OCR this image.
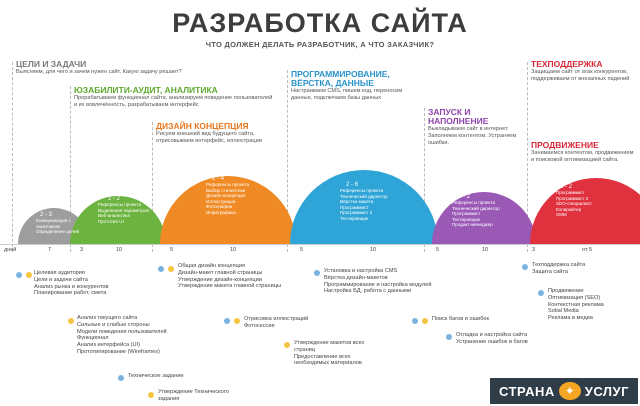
РАЗРАБОТКА САЙТА
ЧТО ДОЛЖЕН ДЕЛАТЬ РАЗРАБОТЧИК, А ЧТО ЗАКАЗЧИК?
ЦЕЛИ И ЗАДАЧИ
Выясняем, для чего и зачем нужен сайт. Какую задачу решает?
ЮЗАБИЛИТИ-АУДИТ, АНАЛИТИКА
Прорабатываем функционал сайта, анализируем поведение пользователей и их вовлечённость, разрабатываем интерфейс
ДИЗАЙН КОНЦЕПЦИЯ
Рисуем внешний вид будущего сайта, отрисовываем интерфейс, иллюстрации
ПРОГРАММИРОВАНИЕ, ВЁРСТКА, ДАННЫЕ
Настраиваем CMS, пишем код, переносим данные, подключаем базы данных
ЗАПУСК И НАПОЛНЕНИЕ
Выкладываем сайт в интернет. Заполняем контентом. Устраняем ошибки.
ТЕХПОДДЕРЖКА
Защищаем сайт от атак конкурентов, поддерживаем от внезапных падений
ПРОДВИЖЕНИЕ
Занимаемся контентом, продвижением и поисковой оптимизацией сайта.
2 - 3
Коммуникация с заказчиком
Определение целей
1 - 2
Референсы проекта
Выделение параметров
Веб-аналитика
Прототип UI
2 - 4
Референсы проекта
Выбор стилистики
Дизайн-концепция
Иллюстрации
Фотографии
Инфографика
2 - 6
Референсы проекта
Технический директор
Вёрстка макета
Программист
Программист 2
Тестировщик
1 - 2
Референсы проекта
Технический директор
Программист
Тестировщик
Продакт-менеджер
1 - 2
Программист
Программист 2
SEO-специалист
Копирайтер
SMM
дней	7	3	10	5	10	5	10	5	10	3	от 5
Целевая аудитория
Цели и задачи сайта
Анализ рынка и конкурентов
Планирование работ, смета
Анализ текущего сайта
Сильные и слабые стороны
Модели поведения пользователей
Функционал
Анализ интерфейса (UI)
Прототипирование (Wireframes)
Техническое задание
Утверждение Технического задания
Общая дизайн концепция
Дизайн-макет главной страницы
Утверждение дизайн-концепции
Утверждение макета главной страницы
Отрисовка иллюстраций
Фотосессия
Утверждение макетов всех страниц
Предоставление всех необходимых материалов
Установка и настройка CMS
Вёрстка дизайн-макетов
Программирование и настройка модулей
Настройка БД, работа с данными
Поиск багов и ошибок
Отладка и настройка сайта
Устранение ошибок и багов
Техподдержка сайта
Защита сайта
Продвижение
Оптимизация (SEO)
Контекстная реклама
Sotial Media
Реклама в медиа
СТРАНА ✦ УСЛУГ
